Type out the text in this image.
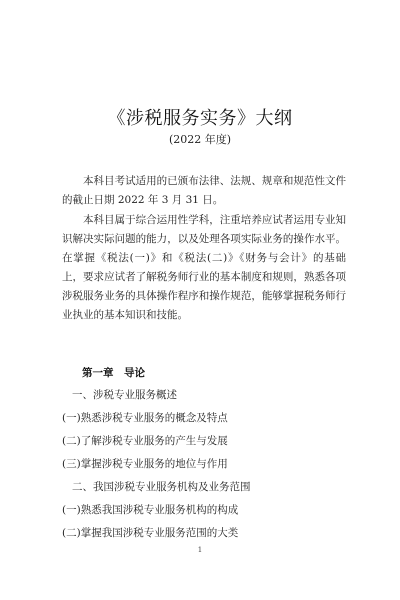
《涉税服务实务》大纲
(2022 年度)
本科目考试适用的已颁布法律、法规、规章和规范性文件的截止日期 2022 年 3 月 31 日。
本科目属于综合运用性学科，注重培养应试者运用专业知识解决实际问题的能力，以及处理各项实际业务的操作水平。在掌握《税法(一)》和《税法(二)》《财务与会计》的基础上，要求应试者了解税务师行业的基本制度和规则，熟悉各项涉税服务业务的具体操作程序和操作规范，能够掌握税务师行业执业的基本知识和技能。
第一章　导论
一、涉税专业服务概述
(一)熟悉涉税专业服务的概念及特点
(二)了解涉税专业服务的产生与发展
(三)掌握涉税专业服务的地位与作用
二、我国涉税专业服务机构及业务范围
(一)熟悉我国涉税专业服务机构的构成
(二)掌握我国涉税专业服务范围的大类
1
